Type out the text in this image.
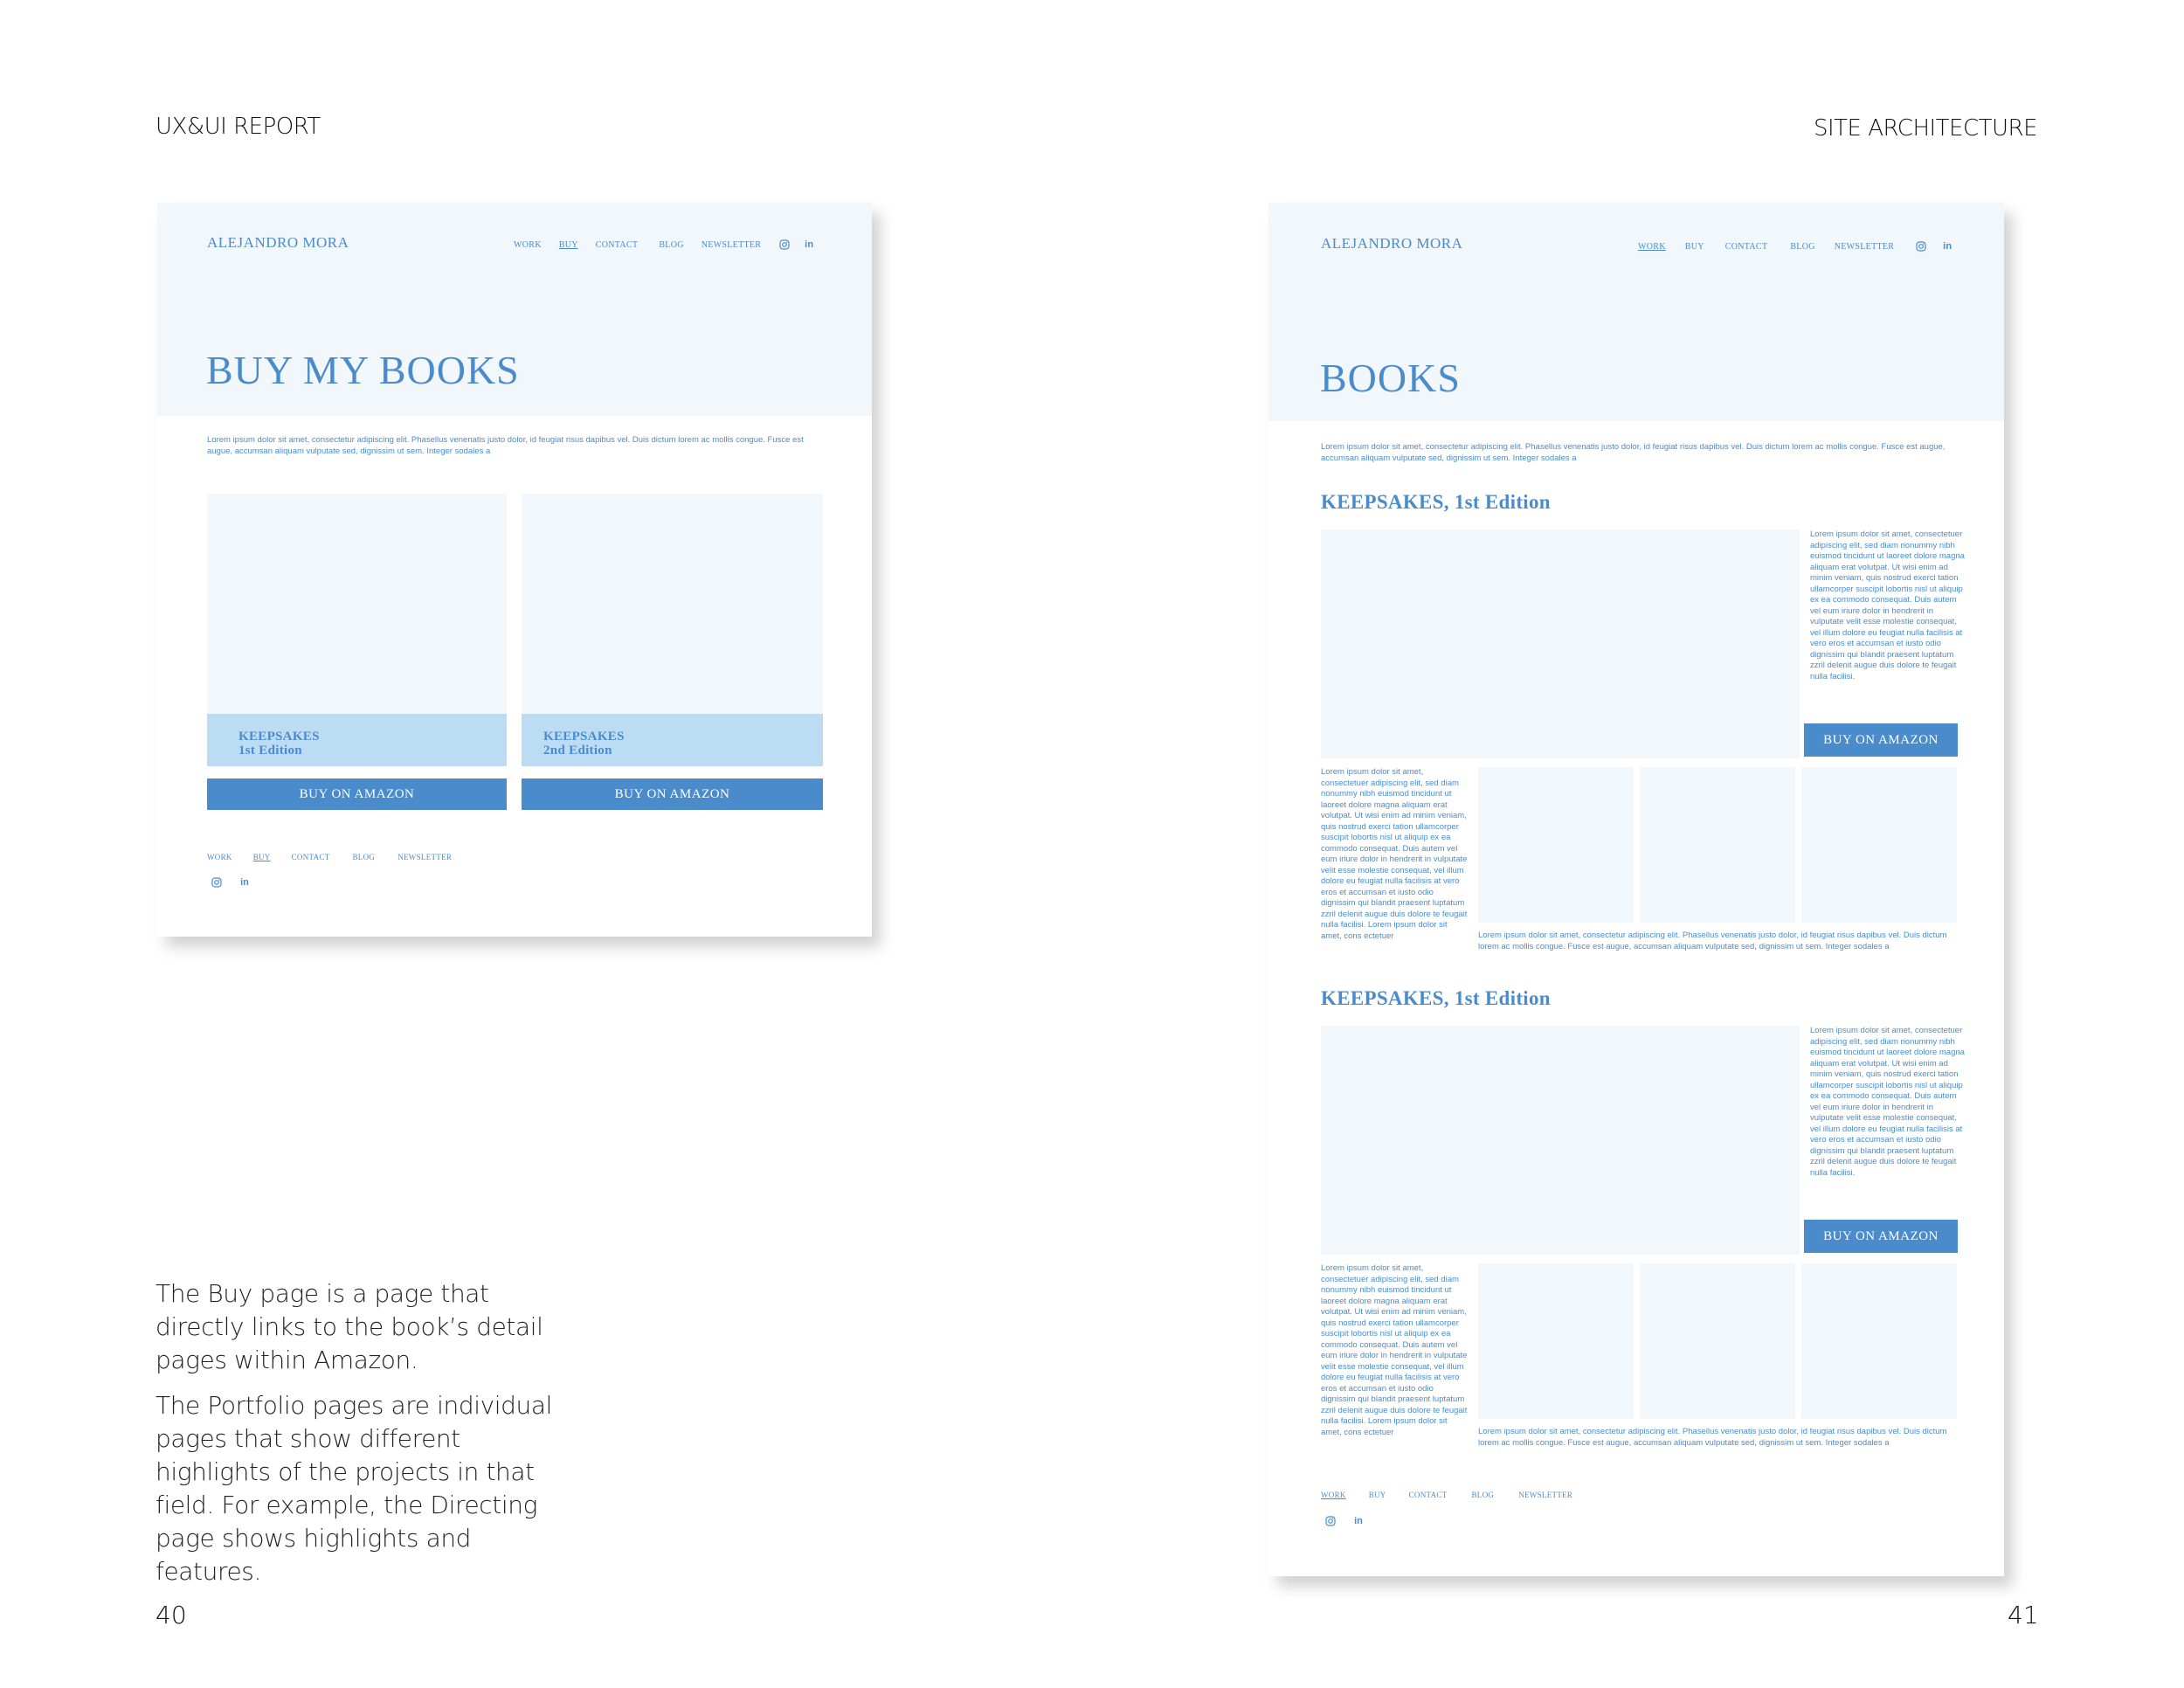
UX&UI REPORT	SITE ARCHITECTURE
ALEJANDRO MORA	WORK BUY CONTACT BLOG NEWSLETTER	in
BUY MY BOOKS
Lorem ipsum dolor sit amet, consectetur adipiscing elit. Phasellus venenatis justo dolor, id feugiat risus dapibus vel. Duis dictum lorem ac mollis congue. Fusce est augue, accumsan aliquam vulputate sed, dignissim ut sem. Integer sodales a
KEEPSAKES
1st Edition
BUY ON AMAZON
KEEPSAKES
2nd Edition
BUY ON AMAZON
WORK	BUY	CONTACT	BLOG	NEWSLETTER
in

The Buy page is a page that directly links to the book’s detail pages within Amazon.

The Portfolio pages are individual pages that show different highlights of the projects in that field. For example, the Directing page shows highlights and features.

40	41
ALEJANDRO MORA	WORK BUY CONTACT	BLOG NEWSLETTER	in
BOOKS
Lorem ipsum dolor sit amet, consectetur adipiscing elit. Phasellus venenatis justo dolor, id feugiat risus dapibus vel. Duis dictum lorem ac mollis congue. Fusce est augue, accumsan aliquam vulputate sed, dignissim ut sem. Integer sodales a
KEEPSAKES, 1st Edition
Lorem ipsum dolor sit amet, consectetuer adipiscing elit, sed diam nonummy nibh euismod tincidunt ut laoreet dolore magna aliquam erat volutpat. Ut wisi enim ad minim veniam, quis nostrud exerci tation ullamcorper suscipit lobortis nisl ut aliquip ex ea commodo consequat. Duis autem vel eum iriure dolor in hendrerit in vulputate velit esse molestie consequat, vel illum dolore eu feugiat nulla facilisis at vero eros et accumsan et iusto odio dignissim qui blandit praesent luptatum zzril delenit augue duis dolore te feugait nulla facilisi.
BUY ON AMAZON
Lorem ipsum dolor sit amet, consectetuer adipiscing elit, sed diam nonummy nibh euismod tincidunt ut laoreet dolore magna aliquam erat volutpat. Ut wisi enim ad minim veniam, quis nostrud exerci tation ullamcorper suscipit lobortis nisl ut aliquip ex ea commodo consequat. Duis autem vel eum iriure dolor in hendrerit in vulputate velit esse molestie consequat, vel illum dolore eu feugiat nulla facilisis at vero eros et accumsan et iusto odio dignissim qui blandit praesent luptatum zzril delenit augue duis dolore te feugait nulla facilisi. Lorem ipsum dolor sit amet, cons ectetuer	Lorem ipsum dolor sit amet, consectetur adipiscing elit. Phasellus venenatis justo dolor, id feugiat risus dapibus vel. Duis dictum lorem ac mollis congue. Fusce est augue, accumsan aliquam vulputate sed, dignissim ut sem. Integer sodales a
KEEPSAKES, 1st Edition
Lorem ipsum dolor sit amet, consectetuer adipiscing elit, sed diam nonummy nibh euismod tincidunt ut laoreet dolore magna aliquam erat volutpat. Ut wisi enim ad minim veniam, quis nostrud exerci tation ullamcorper suscipit lobortis nisl ut aliquip ex ea commodo consequat. Duis autem vel eum iriure dolor in hendrerit in vulputate velit esse molestie consequat, vel illum dolore eu feugiat nulla facilisis at vero eros et accumsan et iusto odio dignissim qui blandit praesent luptatum zzril delenit augue duis dolore te feugait nulla facilisi.
BUY ON AMAZON
Lorem ipsum dolor sit amet, consectetuer adipiscing elit, sed diam nonummy nibh euismod tincidunt ut laoreet dolore magna aliquam erat volutpat. Ut wisi enim ad minim veniam, quis nostrud exerci tation ullamcorper suscipit lobortis nisl ut aliquip ex ea commodo consequat. Duis autem vel eum iriure dolor in hendrerit in vulputate velit esse molestie consequat, vel illum dolore eu feugiat nulla facilisis at vero eros et accumsan et iusto odio dignissim qui blandit praesent luptatum zzril delenit augue duis dolore te feugait nulla facilisi. Lorem ipsum dolor sit amet, cons ectetuer	Lorem ipsum dolor sit amet, consectetur adipiscing elit. Phasellus venenatis justo dolor, id feugiat risus dapibus vel. Duis dictum lorem ac mollis congue. Fusce est augue, accumsan aliquam vulputate sed, dignissim ut sem. Integer sodales a
WORK	BUY	CONTACT	BLOG	NEWSLETTER
in
